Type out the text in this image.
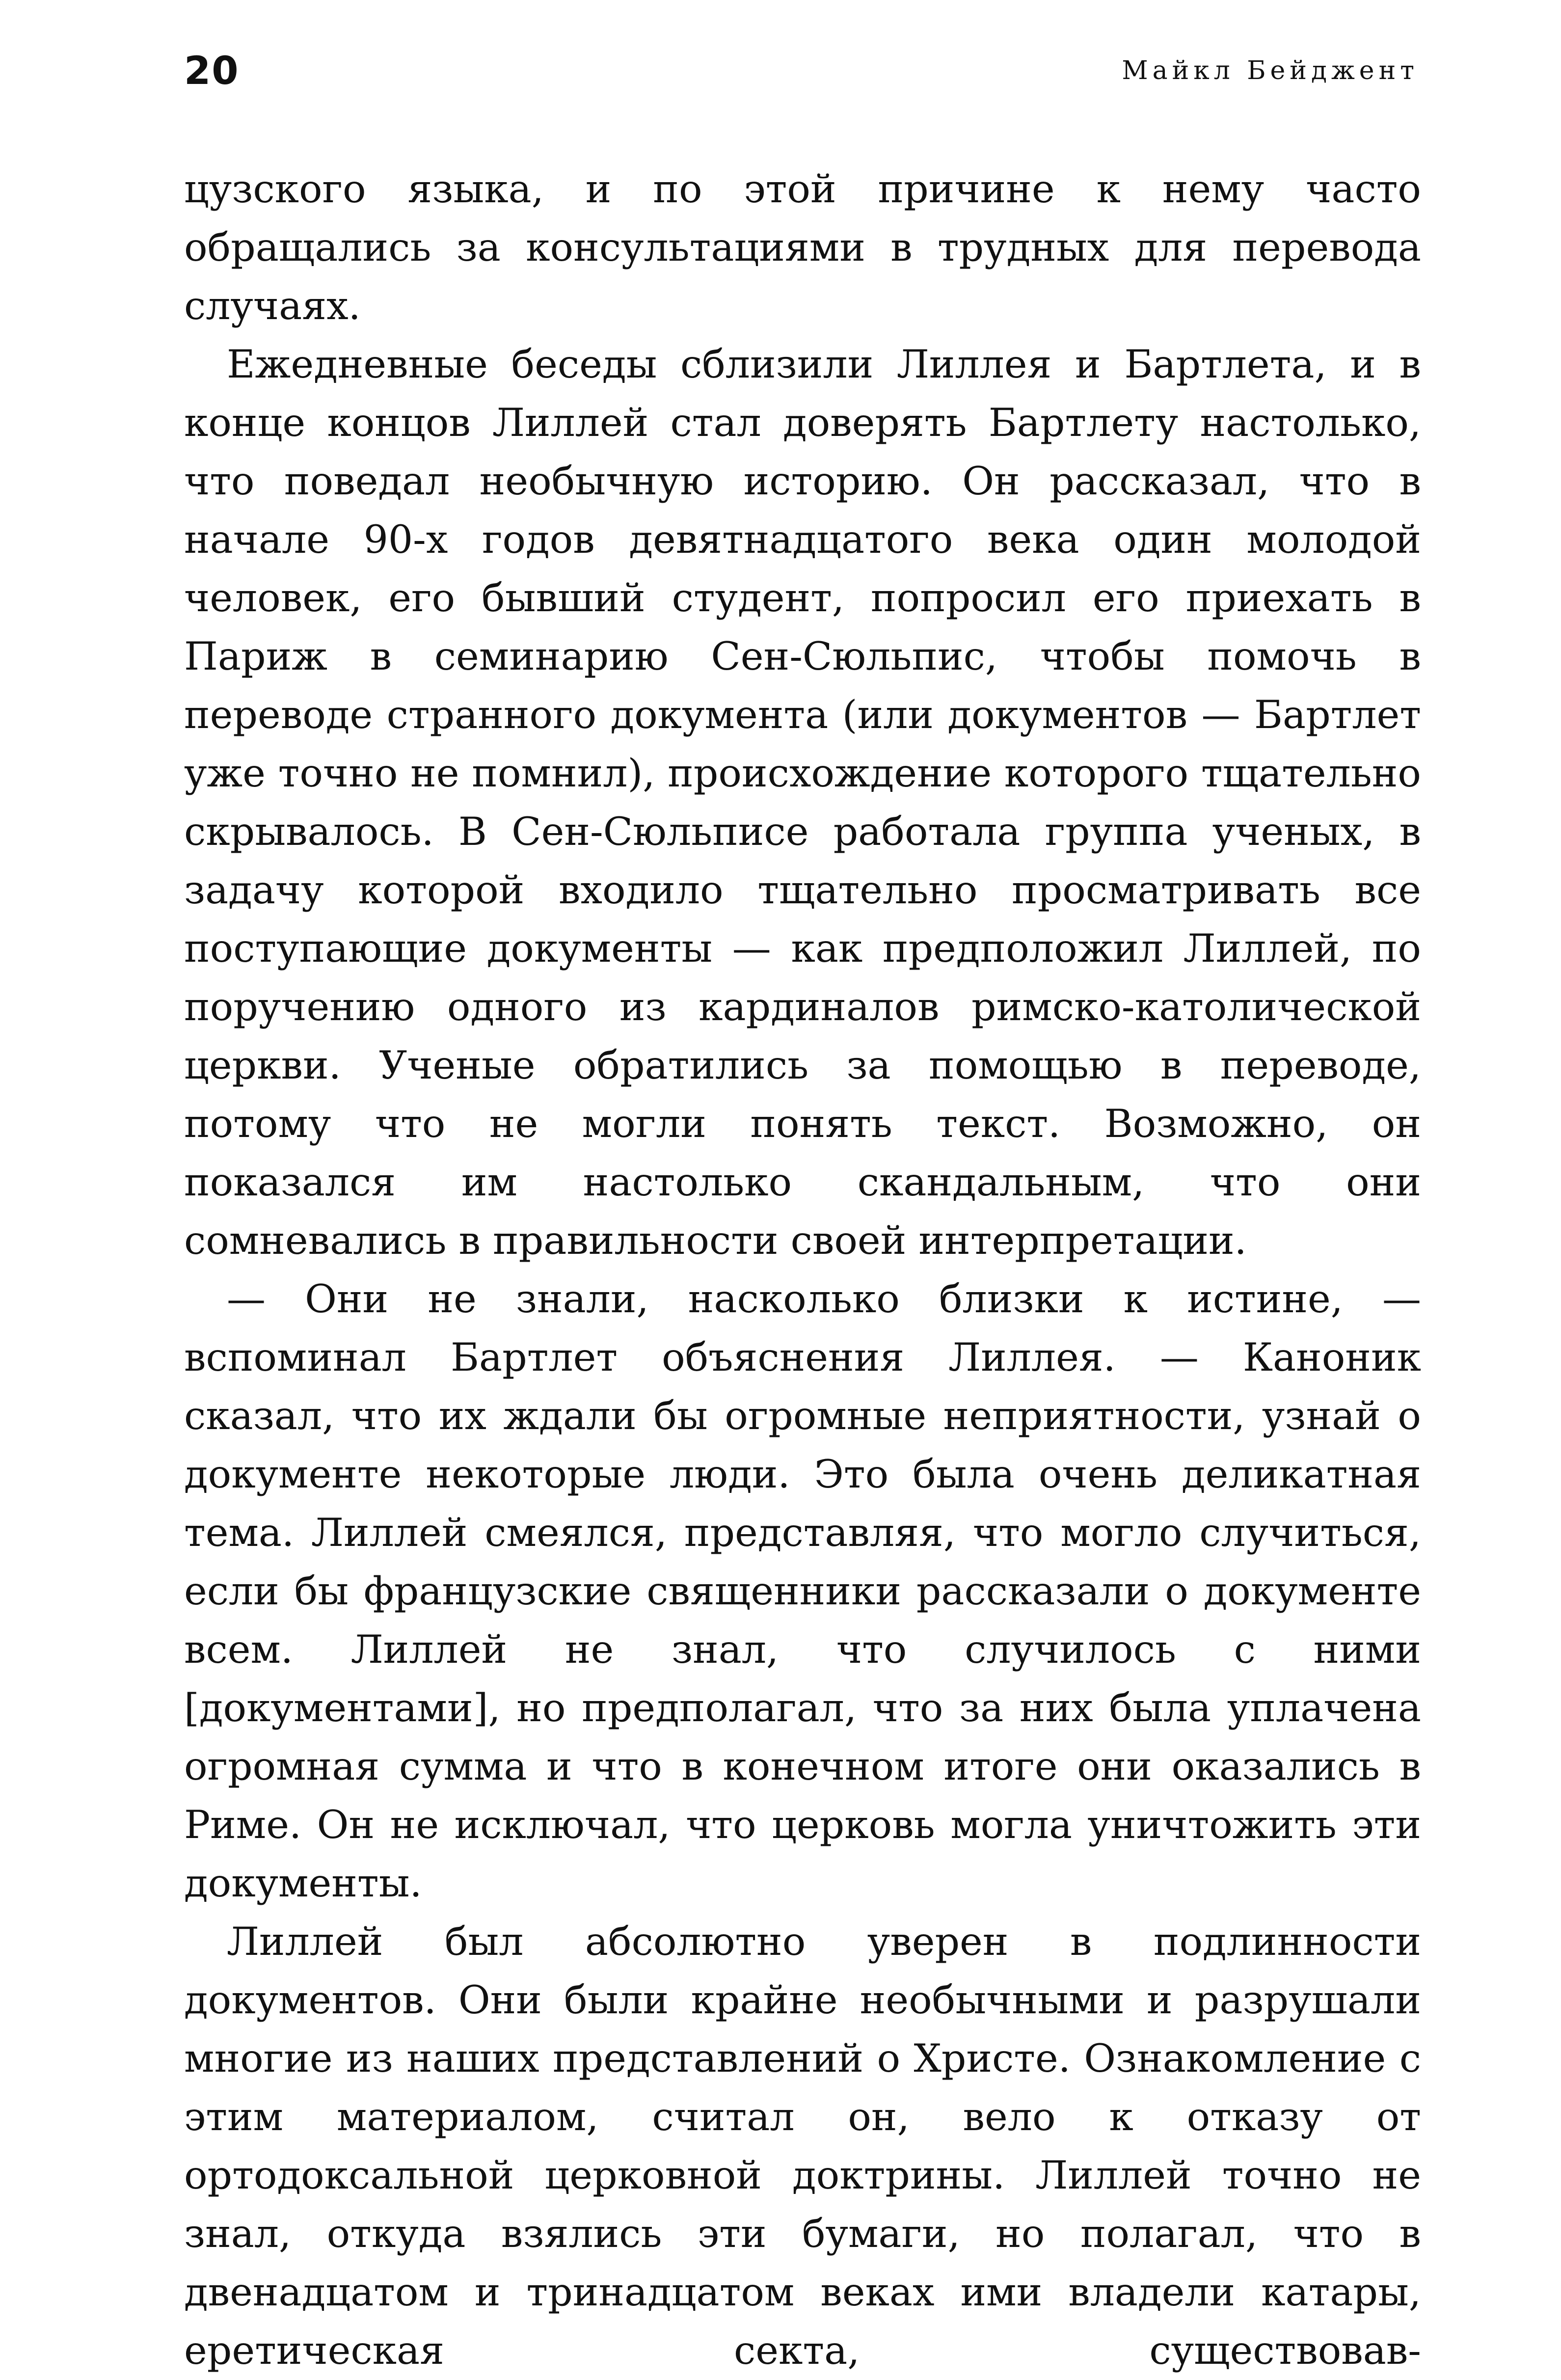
20	Майкл Бейджент

цузского языка, и по этой причине к нему часто обращались за консультациями в трудных для перевода случаях.

Ежедневные беседы сблизили Лиллея и Бартлета, и в конце концов Лиллей стал доверять Бартлету настолько, что поведал необычную историю. Он рассказал, что в начале 90-х годов девятнадцатого века один молодой человек, его бывший студент, попросил его приехать в Париж в семинарию Сен-Сюльпис, чтобы помочь в переводе странного документа (или документов — Бартлет уже точно не помнил), происхождение которого тщательно скрывалось. В Сен-Сюльписе работала группа ученых, в задачу которой входило тщательно просматривать все поступающие документы — как предположил Лиллей, по поручению одного из кардиналов римско-католической церкви. Ученые обратились за помощью в переводе, потому что не могли понять текст. Возможно, он показался им настолько скандальным, что они сомневались в правильности своей интерпретации.

— Они не знали, насколько близки к истине, — вспоминал Бартлет объяснения Лиллея. — Каноник сказал, что их ждали бы огромные неприятности, узнай о документе некоторые люди. Это была очень деликатная тема. Лиллей смеялся, представляя, что могло случиться, если бы французские священники рассказали о документе всем. Лиллей не знал, что случилось с ними [документами], но предполагал, что за них была уплачена огромная сумма и что в конечном итоге они оказались в Риме. Он не исключал, что церковь могла уничтожить эти документы.

Лиллей был абсолютно уверен в подлинности документов. Они были крайне необычными и разрушали многие из наших представлений о Христе. Ознакомление с этим материалом, считал он, вело к отказу от ортодоксальной церковной доктрины. Лиллей точно не знал, откуда взялись эти бумаги, но полагал, что в двенадцатом и тринадцатом веках ими владели катары, еретическая секта, существовав-
